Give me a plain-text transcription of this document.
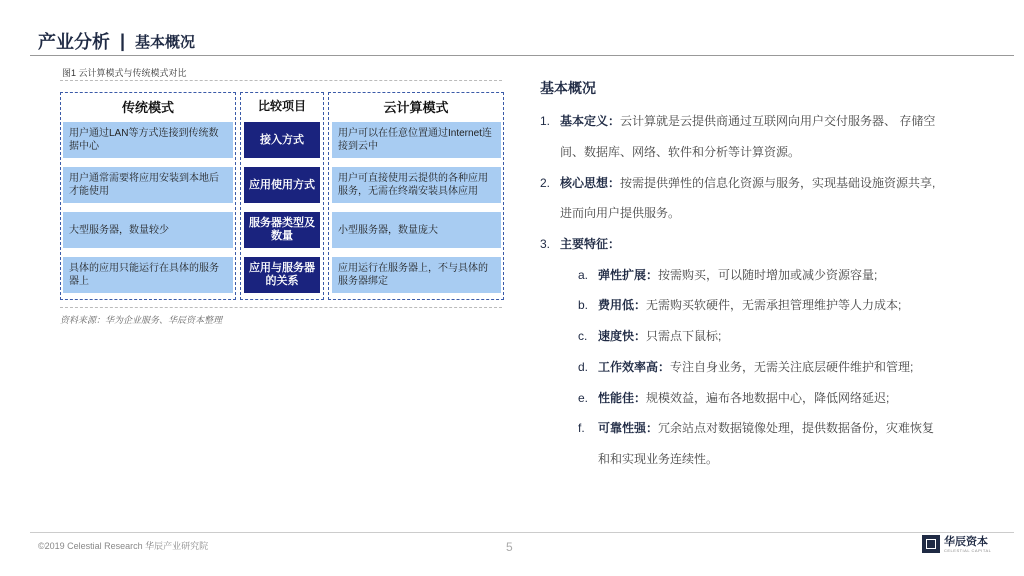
产业分析 | 基本概况
图1 云计算模式与传统模式对比
传统模式
用户通过LAN等方式连接到传统数据中心
用户通常需要将应用安装到本地后才能使用
大型服务器，数量较少
具体的应用只能运行在具体的服务器上
比较项目
接入方式
应用使用方式
服务器类型及数量
应用与服务器的关系
云计算模式
用户可以在任意位置通过Internet连接到云中
用户可直接使用云提供的各种应用服务，无需在终端安装具体应用
小型服务器，数量庞大
应用运行在服务器上，不与具体的服务器绑定
资料来源：华为企业服务、华辰资本整理
基本概况
1. 基本定义：云计算就是云提供商通过互联网向用户交付服务器、 存储空
间、数据库、网络、软件和分析等计算资源。
2. 核心思想：按需提供弹性的信息化资源与服务，实现基础设施资源共享,
进而向用户提供服务。
3. 主要特征：
a. 弹性扩展：按需购买，可以随时增加或减少资源容量;
b. 费用低：无需购买软硬件，无需承担管理维护等人力成本;
c. 速度快：只需点下鼠标;
d. 工作效率高：专注自身业务，无需关注底层硬件维护和管理;
e. 性能佳：规模效益，遍布各地数据中心，降低网络延迟;
f. 可靠性强：冗余站点对数据镜像处理，提供数据备份，灾难恢复
和和实现业务连续性。
©2019 Celestial Research 华辰产业研究院	5	华辰资本
CELESTIAL CAPITAL
